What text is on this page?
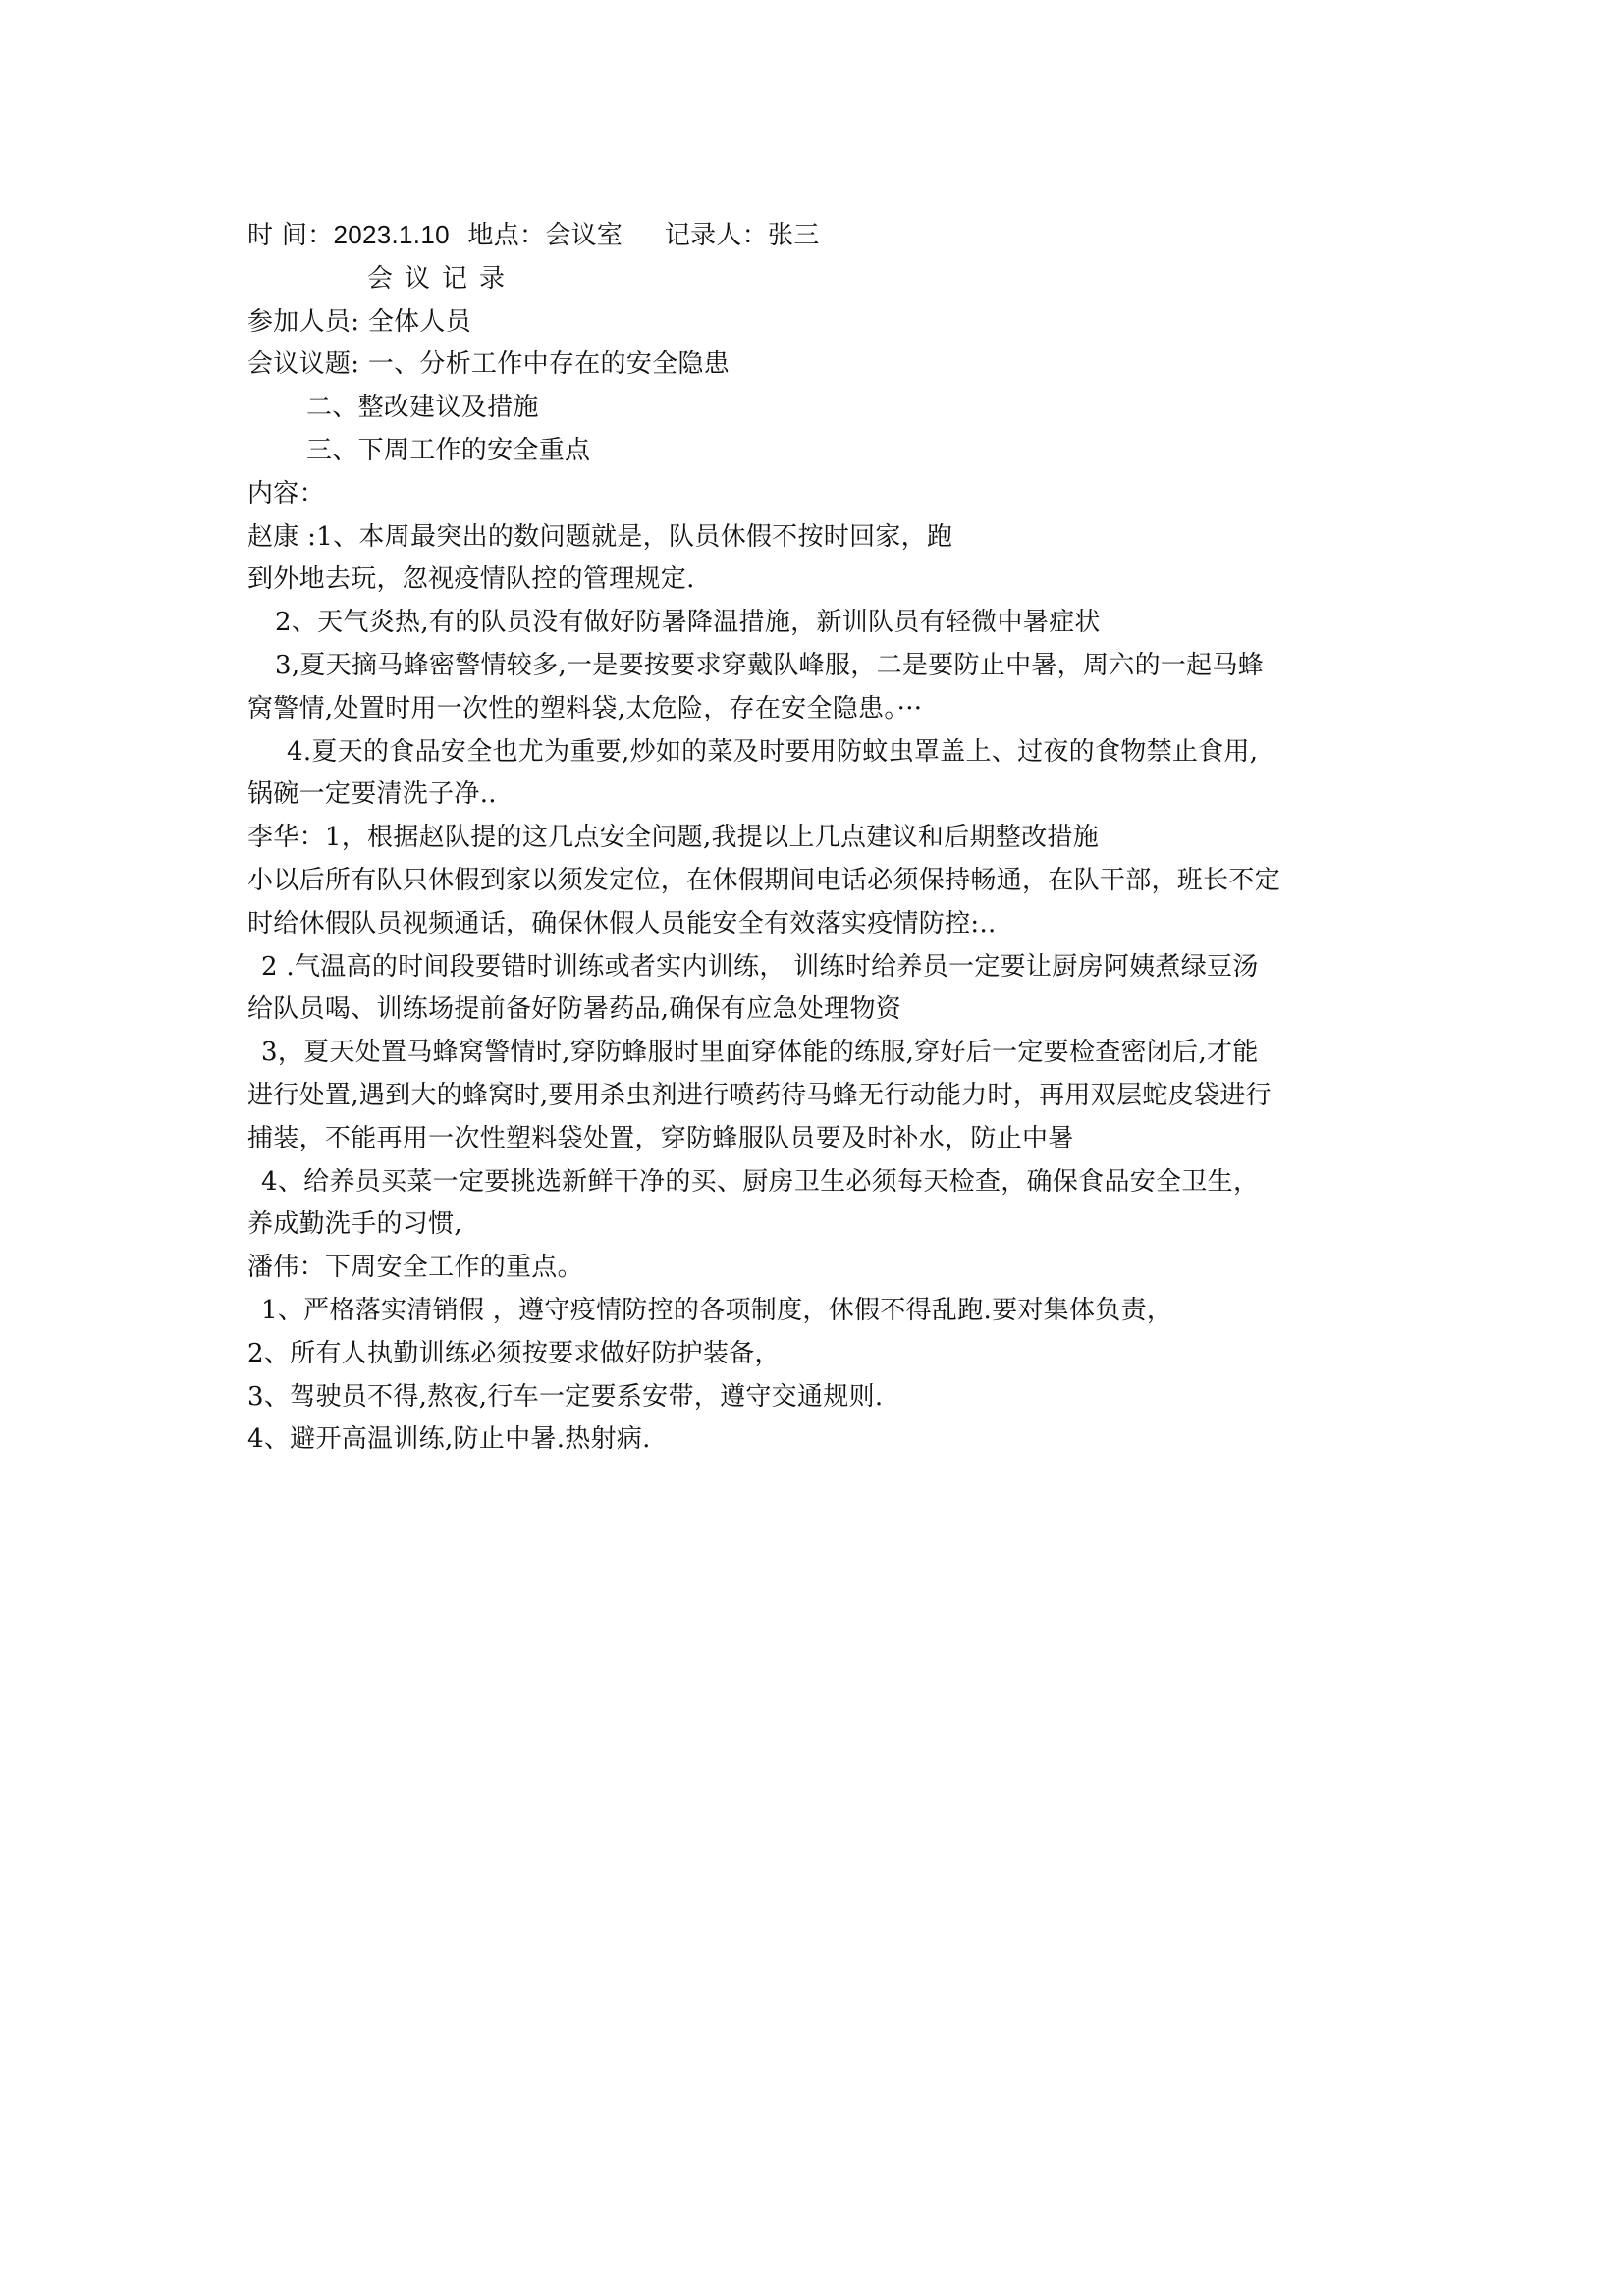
时 间：2023.1.10 地点：会议室 记录人：张三
会议记录
参加人员: 全体人员
会议议题: 一、分析工作中存在的安全隐患
二、整改建议及措施
三、下周工作的安全重点
内容：
赵康 :1、本周最突出的数问题就是，队员休假不按时回家，跑
到外地去玩，忽视疫情队控的管理规定.
2、天气炎热,有的队员没有做好防暑降温措施，新训队员有轻微中暑症状
3,夏天摘马蜂密警情较多,一是要按要求穿戴队峰服，二是要防止中暑，周六的一起马蜂
窝警情,处置时用一次性的塑料袋,太危险，存在安全隐患。···
4.夏天的食品安全也尤为重要,炒如的菜及时要用防蚊虫罩盖上、过夜的食物禁止食用,
锅碗一定要清洗子净..
李华：1，根据赵队提的这几点安全问题,我提以上几点建议和后期整改措施
小以后所有队只休假到家以须发定位，在休假期间电话必须保持畅通，在队干部，班长不定
时给休假队员视频通话，确保休假人员能安全有效落实疫情防控:..
2 .气温高的时间段要错时训练或者实内训练， 训练时给养员一定要让厨房阿姨煮绿豆汤
给队员喝、训练场提前备好防暑药品,确保有应急处理物资
3，夏天处置马蜂窝警情时,穿防蜂服时里面穿体能的练服,穿好后一定要检查密闭后,才能
进行处置,遇到大的蜂窝时,要用杀虫剂进行喷药待马蜂无行动能力时，再用双层蛇皮袋进行
捕装，不能再用一次性塑料袋处置，穿防蜂服队员要及时补水，防止中暑
4、给养员买菜一定要挑选新鲜干净的买、厨房卫生必须每天检查，确保食品安全卫生，
养成勤洗手的习惯,
潘伟：下周安全工作的重点。
1、严格落实清销假 ，遵守疫情防控的各项制度，休假不得乱跑.要对集体负责，
2、所有人执勤训练必须按要求做好防护装备，
3、驾驶员不得,熬夜,行车一定要系安带，遵守交通规则.
4、避开高温训练,防止中暑.热射病.
